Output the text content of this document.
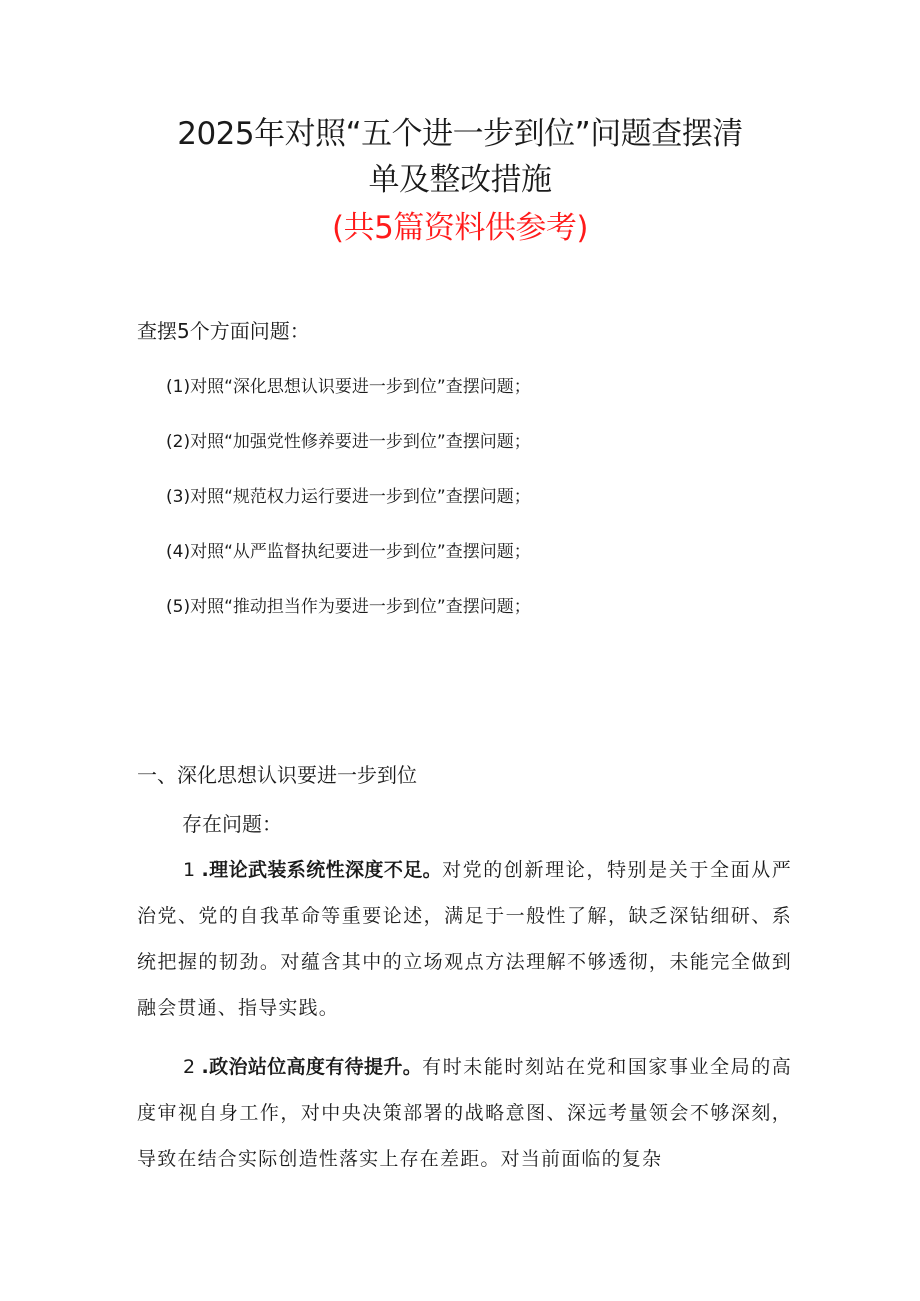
2025年对照“五个进一步到位”问题查摆清
单及整改措施
(共5篇资料供参考)
查摆5个方面问题：
(1)对照“深化思想认识要进一步到位”查摆问题；
(2)对照“加强党性修养要进一步到位”查摆问题；
(3)对照“规范权力运行要进一步到位”查摆问题；
(4)对照“从严监督执纪要进一步到位”查摆问题；
(5)对照“推动担当作为要进一步到位”查摆问题；
一、深化思想认识要进一步到位
存在问题：

1 .理论武装系统性深度不足。对党的创新理论，特别是关于全面从严治党、党的自我革命等重要论述，满足于一般性了解，缺乏深钻细研、系统把握的韧劲。对蕴含其中的立场观点方法理解不够透彻，未能完全做到融会贯通、指导实践。

2 .政治站位高度有待提升。有时未能时刻站在党和国家事业全局的高度审视自身工作，对中央决策部署的战略意图、深远考量领会不够深刻，导致在结合实际创造性落实上存在差距。对当前面临的复杂
